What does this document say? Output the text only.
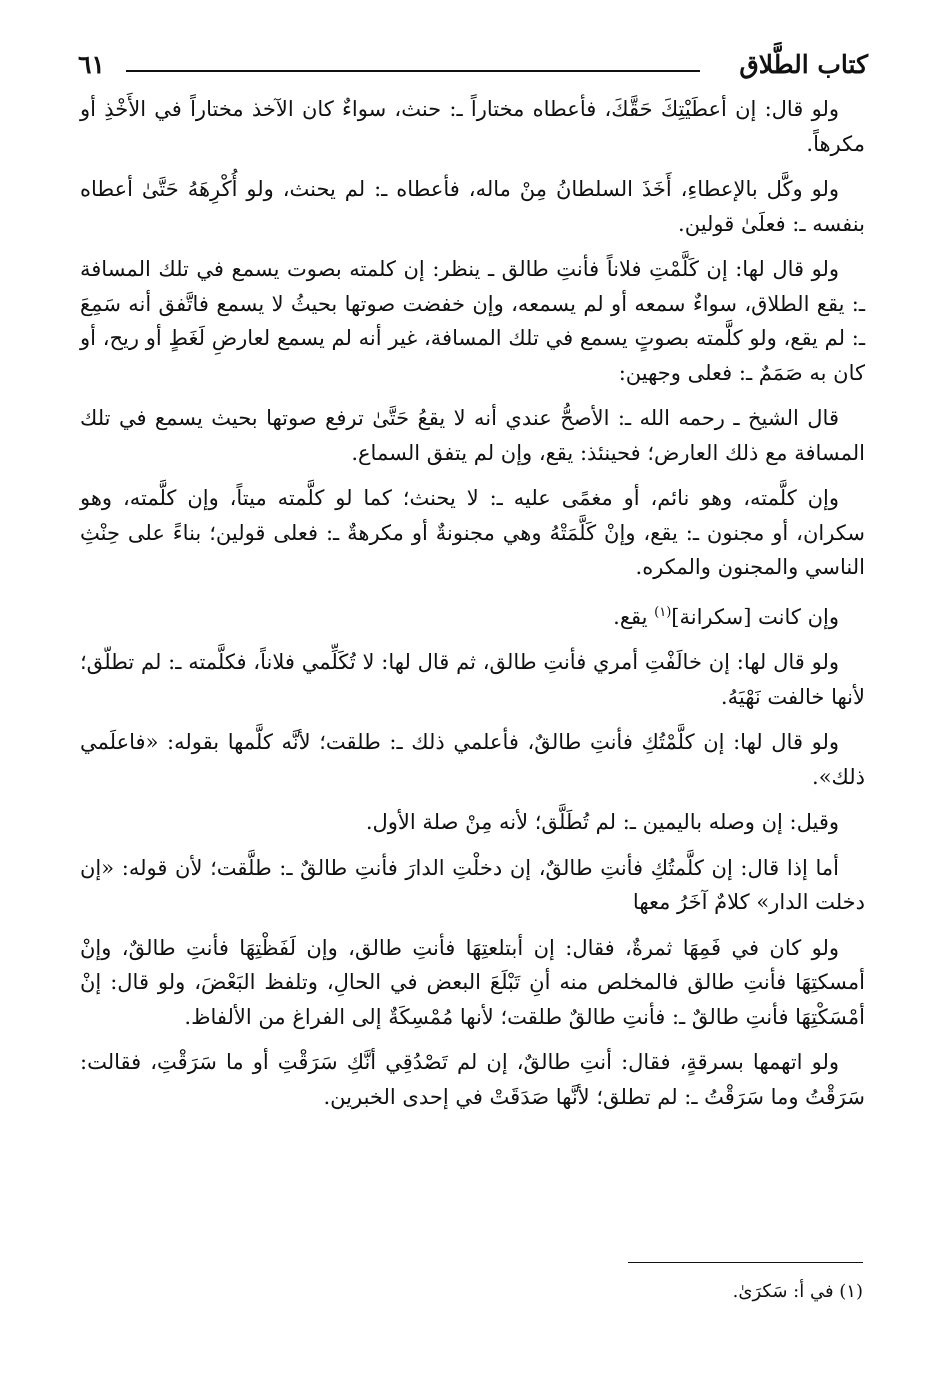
كتاب الطَّلاق
٦١

ولو قال: إن أعطَيْتِكَ حَقَّكَ، فأعطاه مختاراً ـ: حنث، سواءٌ كان الآخذ مختاراً في الأَخْذِ أو مكرهاً.

ولو وكَّل بالإعطاءِ، أَخَذَ السلطانُ مِنْ ماله، فأعطاه ـ: لم يحنث، ولو أُكْرِهَهُ حَتَّىٰ أعطاه بنفسه ـ: فعلَىٰ قولين.

ولو قال لها: إن كَلَّمْتِ فلاناً فأنتِ طالق ـ ينظر: إن كلمته بصوت يسمع في تلك المسافة ـ: يقع الطلاق، سواءٌ سمعه أو لم يسمعه، وإن خفضت صوتها بحيثُ لا يسمع فاتَّفق أنه سَمِعَ ـ: لم يقع، ولو كلَّمته بصوتٍ يسمع في تلك المسافة، غير أنه لم يسمع لعارضِ لَغَطٍ أو ريح، أو كان به صَمَمٌ ـ: فعلى وجهين:

قال الشيخ ـ رحمه الله ـ: الأصحُّ عندي أنه لا يقعُ حَتَّىٰ ترفع صوتها بحيث يسمع في تلك المسافة مع ذلك العارض؛ فحينئذ: يقع، وإن لم يتفق السماع.

وإن كلَّمته، وهو نائم، أو مغمًى عليه ـ: لا يحنث؛ كما لو كلَّمته ميتاً، وإن كلَّمته، وهو سكران، أو مجنون ـ: يقع، وإنْ كَلَّمَتْهُ وهي مجنونةٌ أو مكرهةٌ ـ: فعلى قولين؛ بناءً على حِنْثِ الناسي والمجنون والمكره.

وإن كانت [سكرانة]$^{(١)}$ يقع.

ولو قال لها: إن خالَفْتِ أمري فأنتِ طالق، ثم قال لها: لا تُكَلِّمي فلاناً، فكلَّمته ـ: لم تطلّق؛ لأنها خالفت نَهْيَهُ.

ولو قال لها: إن كلَّمْتُكِ فأنتِ طالقٌ، فأعلمي ذلك ـ: طلقت؛ لأنَّه كلَّمها بقوله: «فاعلَمي ذلك».

وقيل: إن وصله باليمين ـ: لم تُطَلَّق؛ لأنه مِنْ صلة الأول.

أما إذا قال: إن كلَّمتُكِ فأنتِ طالقٌ، إن دخلْتِ الدارَ فأنتِ طالقٌ ـ: طلَّقت؛ لأن قوله: «إن دخلت الدار» كلامٌ آخَرُ معها

ولو كان في فَمِهَا ثمرةٌ، فقال: إن أبتلعتِهَا فأنتِ طالق، وإن لَفَظْتِهَا فأنتِ طالقٌ، وإنْ أمسكتِهَا فأنتِ طالق فالمخلص منه أنِ تَبْلَعَ البعض في الحالِ، وتلفظ البَعْضَ، ولو قال: إنْ أمْسَكْتِهَا فأنتِ طالقٌ ـ: فأنتِ طالقٌ طلقت؛ لأنها مُمْسِكَةٌ إلى الفراغ من الألفاظ.

ولو اتهمها بسرقةٍ، فقال: أنتِ طالقٌ، إن لم تَصْدُقِي أنَّكِ سَرَقْتِ أو ما سَرَقْتِ، فقالت: سَرَقْتُ وما سَرَقْتُ ـ: لم تطلق؛ لأنَّها صَدَقَتْ في إحدى الخبرين.

(١) في أ: سَكرَىٰ.
